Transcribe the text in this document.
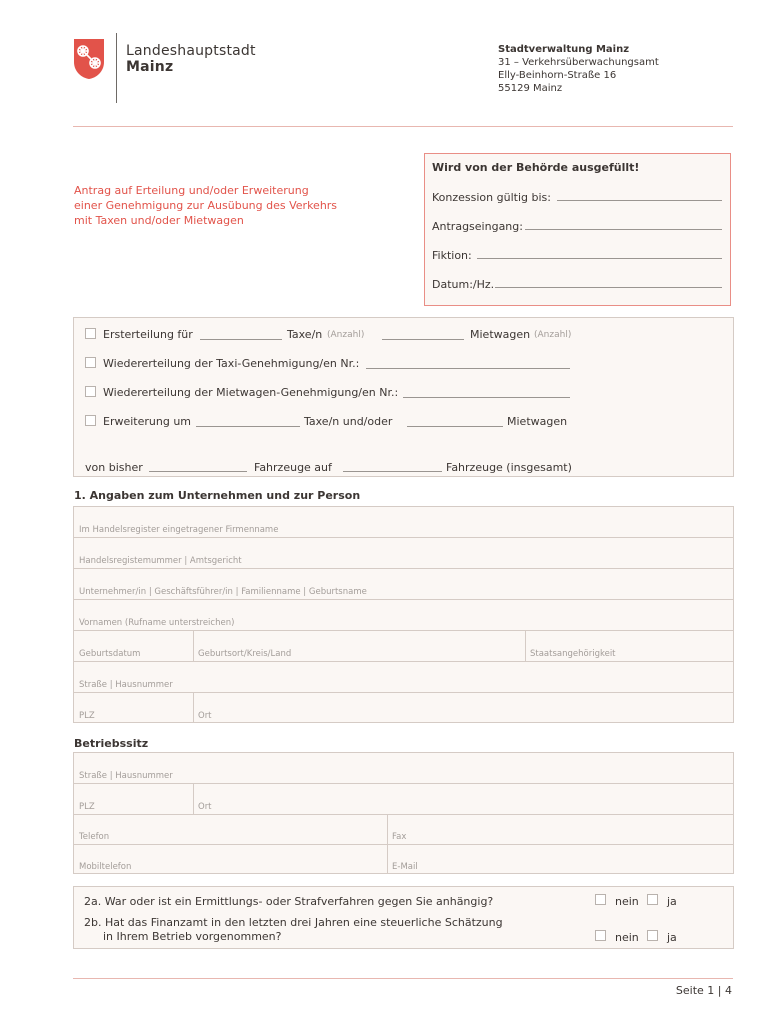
Landeshauptstadt
Mainz
Stadtverwaltung Mainz
31 – Verkehrsüberwachungsamt
Elly-Beinhorn-Straße 16
55129 Mainz
Wird von der Behörde ausgefüllt!
Konzession gültig bis:
Antragseingang:
Fiktion:
Datum:/Hz.
Antrag auf Erteilung und/oder Erweiterung
einer Genehmigung zur Ausübung des Verkehrs
mit Taxen und/oder Mietwagen
Ersterteilung für	Taxe/n (Anzahl)	Mietwagen (Anzahl)
Wiedererteilung der Taxi-Genehmigung/en Nr.:
Wiedererteilung der Mietwagen-Genehmigung/en Nr.:
Erweiterung um	Taxe/n und/oder	Mietwagen
von bisher	Fahrzeuge auf	Fahrzeuge (insgesamt)
1. Angaben zum Unternehmen und zur Person
Im Handelsregister eingetragener Firmenname
Handelsregistemummer | Amtsgericht
Unternehmer/in | Geschäftsführer/in | Familienname | Geburtsname
Vornamen (Rufname unterstreichen)
Geburtsdatum	Geburtsort/Kreis/Land	Staatsangehörigkeit
Straße | Hausnummer
PLZ	Ort
Betriebssitz
Straße | Hausnummer
PLZ	Ort
Telefon	Fax
Mobiltelefon	E-Mail
2a. War oder ist ein Ermittlungs- oder Strafverfahren gegen Sie anhängig?
2b. Hat das Finanzamt in den letzten drei Jahren eine steuerliche Schätzung
in Ihrem Betrieb vorgenommen?
nein	ja
nein	ja
Seite 1 | 4
